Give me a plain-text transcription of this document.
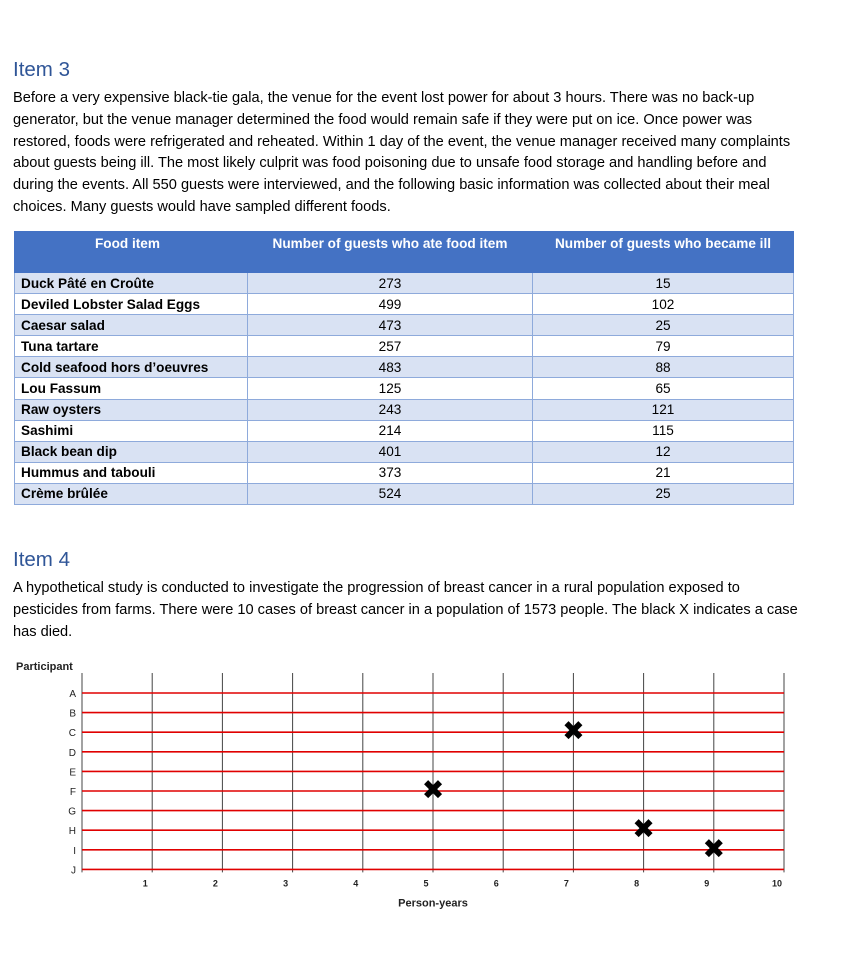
Item 3

Before a very expensive black-tie gala, the venue for the event lost power for about 3 hours. There was no back-up generator, but the venue manager determined the food would remain safe if they were put on ice. Once power was restored, foods were refrigerated and reheated. Within 1 day of the event, the venue manager received many complaints about guests being ill. The most likely culprit was food poisoning due to unsafe food storage and handling before and during the events. All 550 guests were interviewed, and the following basic information was collected about their meal choices. Many guests would have sampled different foods.

Food item	Number of guests who ate food item	Number of guests who became ill
Duck Pâté en Croûte	273	15
Deviled Lobster Salad Eggs	499	102
Caesar salad	473	25
Tuna tartare	257	79
Cold seafood hors d’oeuvres	483	88
Lou Fassum	125	65
Raw oysters	243	121
Sashimi	214	115
Black bean dip	401	12
Hummus and tabouli	373	21
Crème brûlée	524	25
Item 4

A hypothetical study is conducted to investigate the progression of breast cancer in a rural population exposed to pesticides from farms. There were 10 cases of breast cancer in a population of 1573 people. The black X indicates a case has died.

Participant
A
B
C
D
E
F
G
H
I
J
1	2	3	4	5	6	7	8	9	10
Person-years
✖
✖
✖
✖
